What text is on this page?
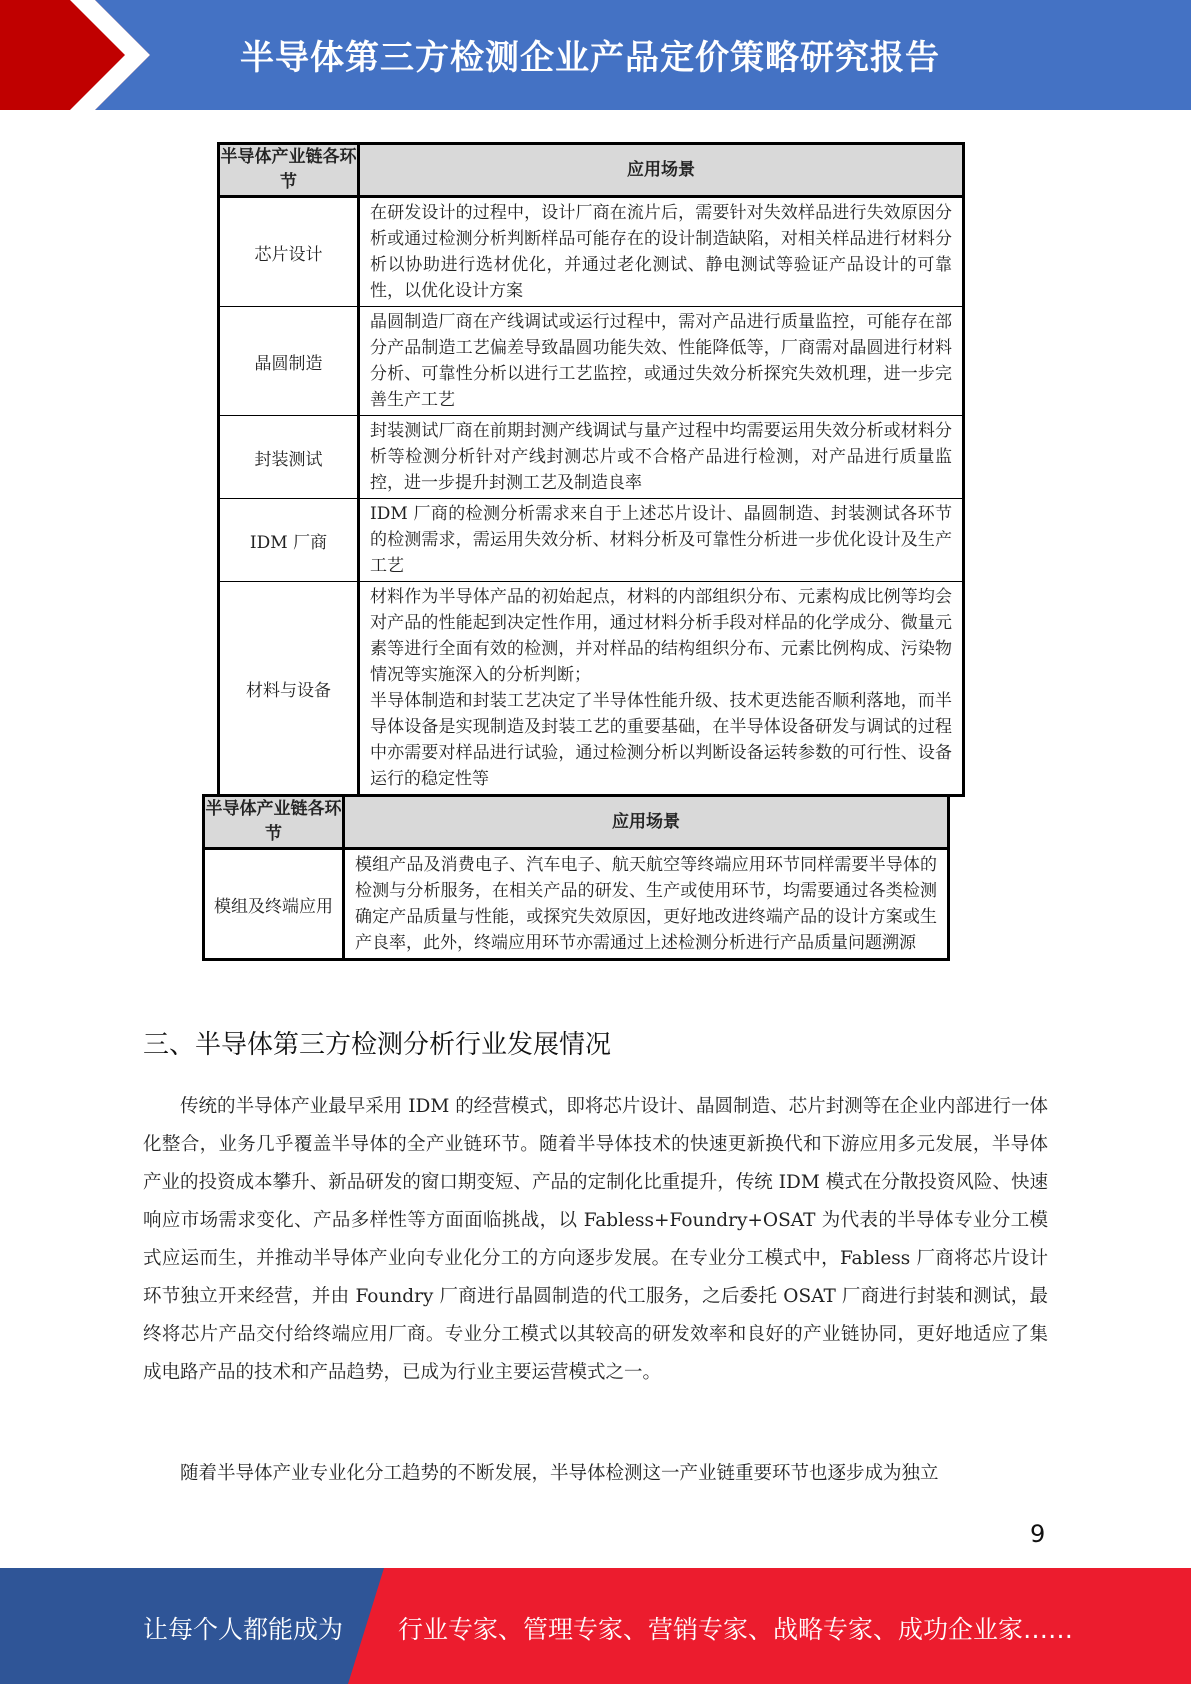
半导体第三方检测企业产品定价策略研究报告
半导体产业链各环节	应用场景
芯片设计	在研发设计的过程中，设计厂商在流片后，需要针对失效样品进行失效原因分析或通过检测分析判断样品可能存在的设计制造缺陷，对相关样品进行材料分析以协助进行选材优化，并通过老化测试、静电测试等验证产品设计的可靠性，以优化设计方案
晶圆制造	晶圆制造厂商在产线调试或运行过程中，需对产品进行质量监控，可能存在部分产品制造工艺偏差导致晶圆功能失效、性能降低等，厂商需对晶圆进行材料分析、可靠性分析以进行工艺监控，或通过失效分析探究失效机理，进一步完善生产工艺
封装测试	封装测试厂商在前期封测产线调试与量产过程中均需要运用失效分析或材料分析等检测分析针对产线封测芯片或不合格产品进行检测，对产品进行质量监控，进一步提升封测工艺及制造良率
IDM 厂商	IDM 厂商的检测分析需求来自于上述芯片设计、晶圆制造、封装测试各环节的检测需求，需运用失效分析、材料分析及可靠性分析进一步优化设计及生产工艺
材料与设备	材料作为半导体产品的初始起点，材料的内部组织分布、元素构成比例等均会对产品的性能起到决定性作用，通过材料分析手段对样品的化学成分、微量元素等进行全面有效的检测，并对样品的结构组织分布、元素比例构成、污染物情况等实施深入的分析判断；
半导体制造和封装工艺决定了半导体性能升级、技术更迭能否顺利落地，而半导体设备是实现制造及封装工艺的重要基础，在半导体设备研发与调试的过程中亦需要对样品进行试验，通过检测分析以判断设备运转参数的可行性、设备运行的稳定性等
半导体产业链各环节	应用场景
模组及终端应用	模组产品及消费电子、汽车电子、航天航空等终端应用环节同样需要半导体的检测与分析服务，在相关产品的研发、生产或使用环节，均需要通过各类检测确定产品质量与性能，或探究失效原因，更好地改进终端产品的设计方案或生产良率，此外，终端应用环节亦需通过上述检测分析进行产品质量问题溯源
三、半导体第三方检测分析行业发展情况

传统的半导体产业最早采用 IDM 的经营模式，即将芯片设计、晶圆制造、芯片封测等在企业内部进行一体化整合，业务几乎覆盖半导体的全产业链环节。随着半导体技术的快速更新换代和下游应用多元发展，半导体产业的投资成本攀升、新品研发的窗口期变短、产品的定制化比重提升，传统 IDM 模式在分散投资风险、快速响应市场需求变化、产品多样性等方面面临挑战，以 Fabless+Foundry+OSAT 为代表的半导体专业分工模式应运而生，并推动半导体产业向专业化分工的方向逐步发展。在专业分工模式中，Fabless 厂商将芯片设计环节独立开来经营，并由 Foundry 厂商进行晶圆制造的代工服务，之后委托 OSAT 厂商进行封装和测试，最终将芯片产品交付给终端应用厂商。专业分工模式以其较高的研发效率和良好的产业链协同，更好地适应了集成电路产品的技术和产品趋势，已成为行业主要运营模式之一。

随着半导体产业专业化分工趋势的不断发展，半导体检测这一产业链重要环节也逐步成为独立

9
让每个人都能成为 行业专家、管理专家、营销专家、战略专家、成功企业家……
